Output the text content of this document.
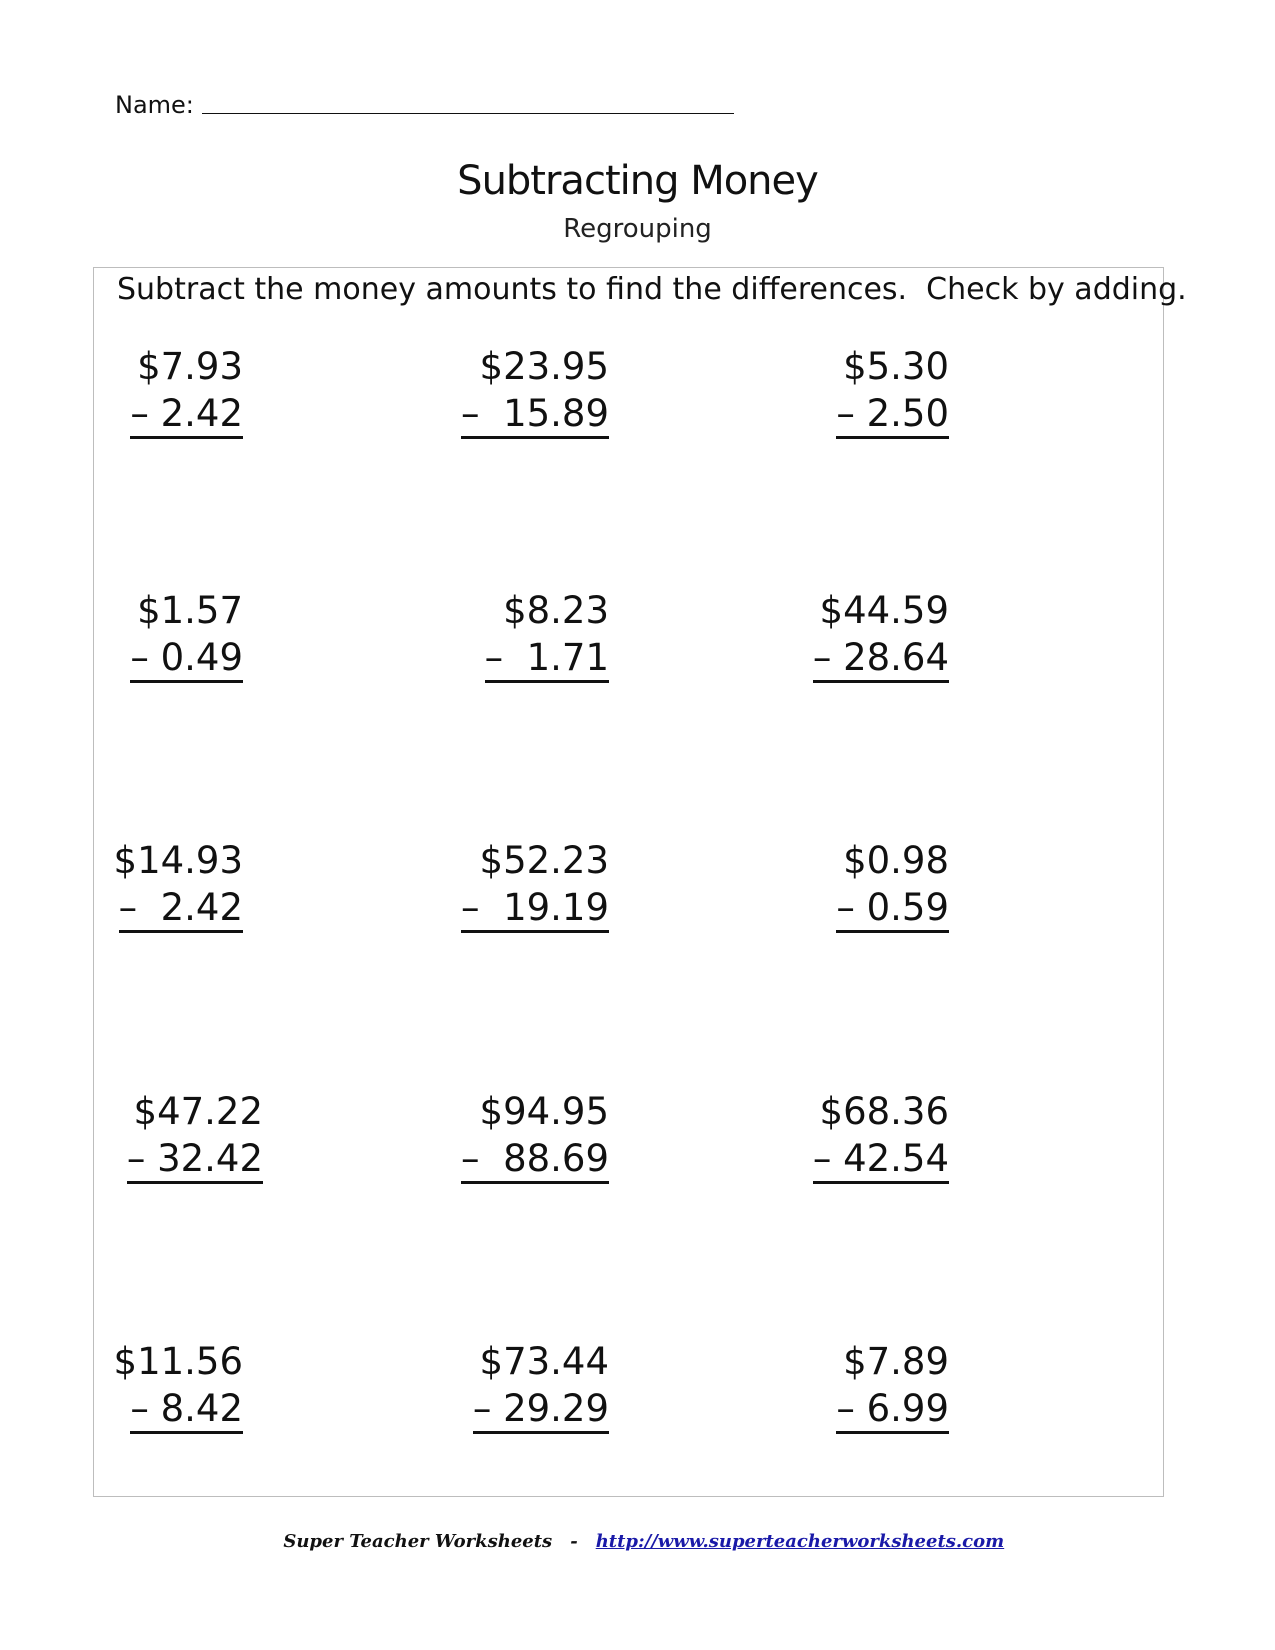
Name:
Subtracting Money
Regrouping
Subtract the money amounts to find the differences.  Check by adding.
$7.93
– 2.42
$23.95
–  15.89
$5.30
– 2.50
$1.57
– 0.49
$8.23
–  1.71
$44.59
– 28.64
$14.93
–  2.42
$52.23
–  19.19
$0.98
– 0.59
$47.22
– 32.42
$94.95
–  88.69
$68.36
– 42.54
$11.56
– 8.42
$73.44
– 29.29
$7.89
– 6.99

Super Teacher Worksheets - http://www.superteacherworksheets.com
